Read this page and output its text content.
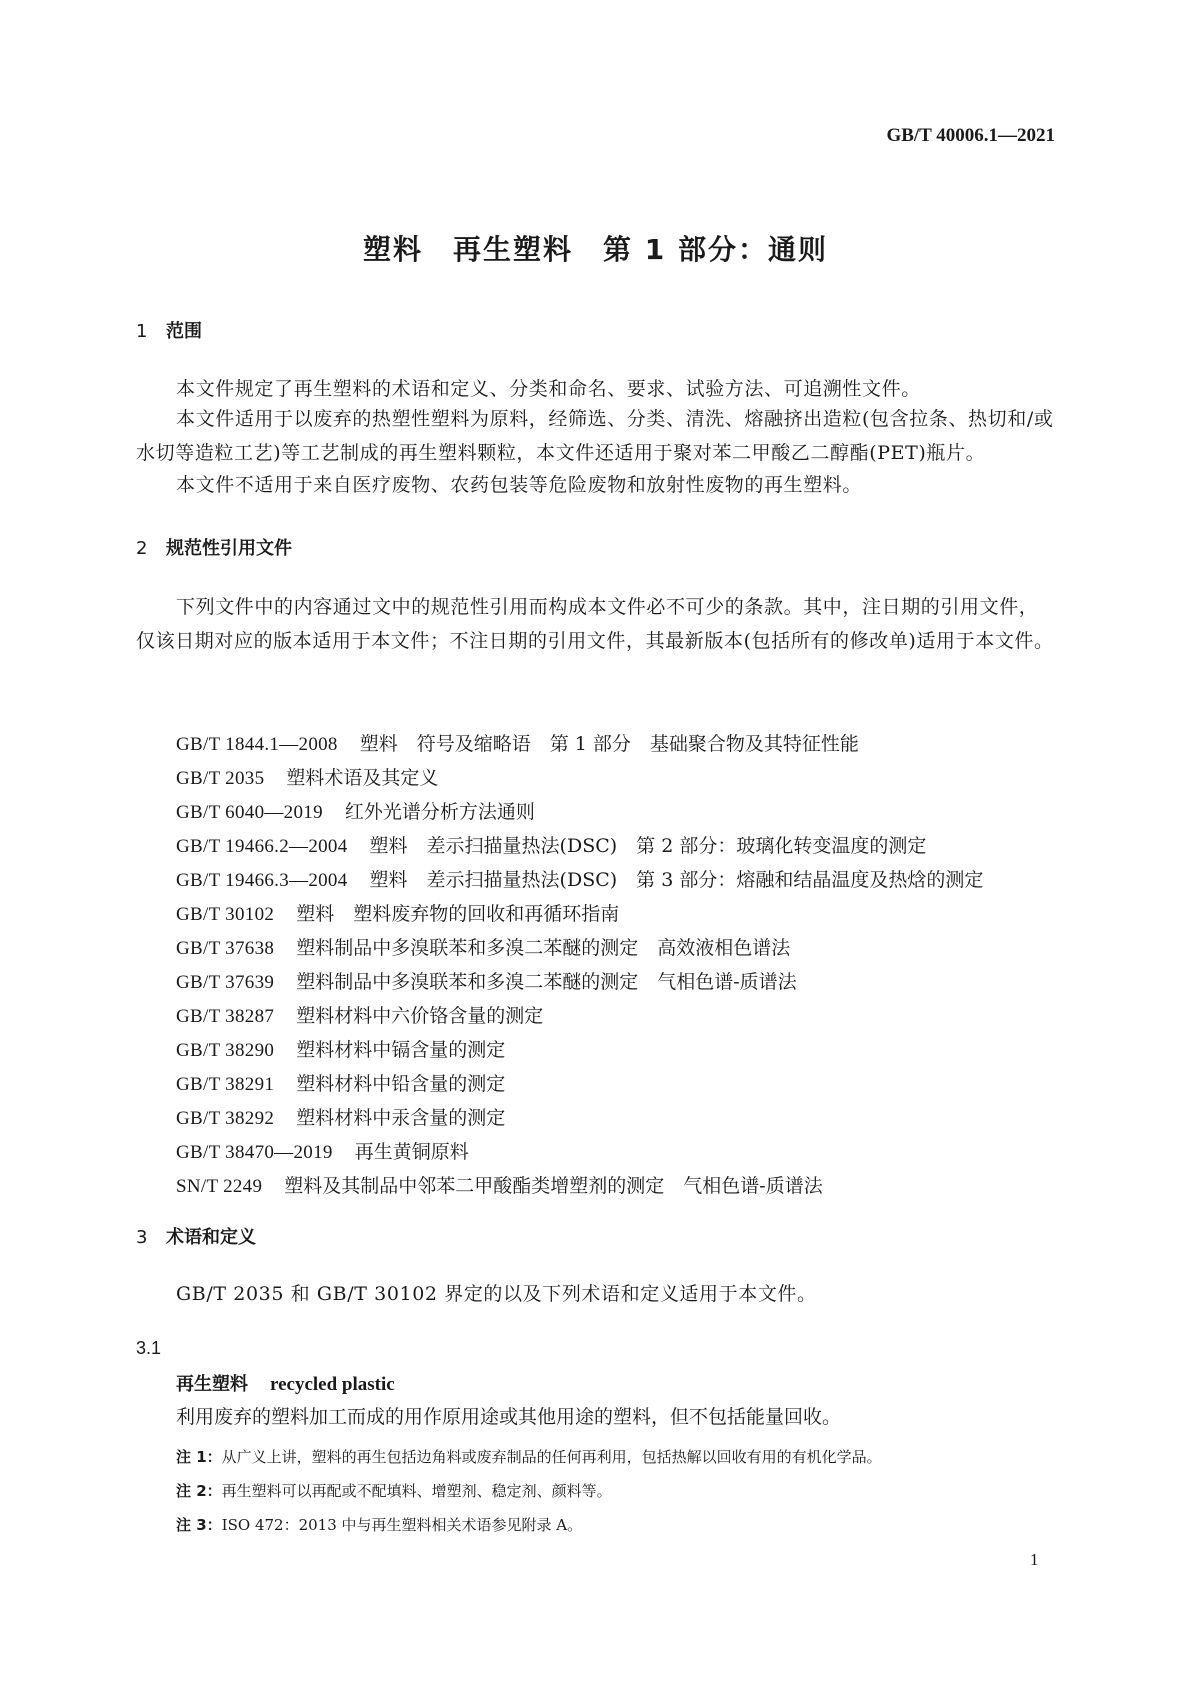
GB/T 40006.1—2021
塑料　再生塑料　第 1 部分：通则
1 范围
本文件规定了再生塑料的术语和定义、分类和命名、要求、试验方法、可追溯性文件。
本文件适用于以废弃的热塑性塑料为原料，经筛选、分类、清洗、熔融挤出造粒(包含拉条、热切和/或水切等造粒工艺)等工艺制成的再生塑料颗粒，本文件还适用于聚对苯二甲酸乙二醇酯(PET)瓶片。
本文件不适用于来自医疗废物、农药包装等危险废物和放射性废物的再生塑料。
2 规范性引用文件
下列文件中的内容通过文中的规范性引用而构成本文件必不可少的条款。其中，注日期的引用文件，仅该日期对应的版本适用于本文件；不注日期的引用文件，其最新版本(包括所有的修改单)适用于本文件。
GB/T 1844.1—2008 塑料　符号及缩略语　第 1 部分　基础聚合物及其特征性能
GB/T 2035 塑料术语及其定义
GB/T 6040—2019 红外光谱分析方法通则
GB/T 19466.2—2004 塑料　差示扫描量热法(DSC)　第 2 部分：玻璃化转变温度的测定
GB/T 19466.3—2004 塑料　差示扫描量热法(DSC)　第 3 部分：熔融和结晶温度及热焓的测定
GB/T 30102 塑料　塑料废弃物的回收和再循环指南
GB/T 37638 塑料制品中多溴联苯和多溴二苯醚的测定　高效液相色谱法
GB/T 37639 塑料制品中多溴联苯和多溴二苯醚的测定　气相色谱-质谱法
GB/T 38287 塑料材料中六价铬含量的测定
GB/T 38290 塑料材料中镉含量的测定
GB/T 38291 塑料材料中铅含量的测定
GB/T 38292 塑料材料中汞含量的测定
GB/T 38470—2019 再生黄铜原料
SN/T 2249 塑料及其制品中邻苯二甲酸酯类增塑剂的测定　气相色谱-质谱法
3 术语和定义
GB/T 2035 和 GB/T 30102 界定的以及下列术语和定义适用于本文件。
3.1
再生塑料 recycled plastic
利用废弃的塑料加工而成的用作原用途或其他用途的塑料，但不包括能量回收。
注 1：从广义上讲，塑料的再生包括边角料或废弃制品的任何再利用，包括热解以回收有用的有机化学品。
注 2：再生塑料可以再配或不配填料、增塑剂、稳定剂、颜料等。
注 3：ISO 472：2013 中与再生塑料相关术语参见附录 A。
1
